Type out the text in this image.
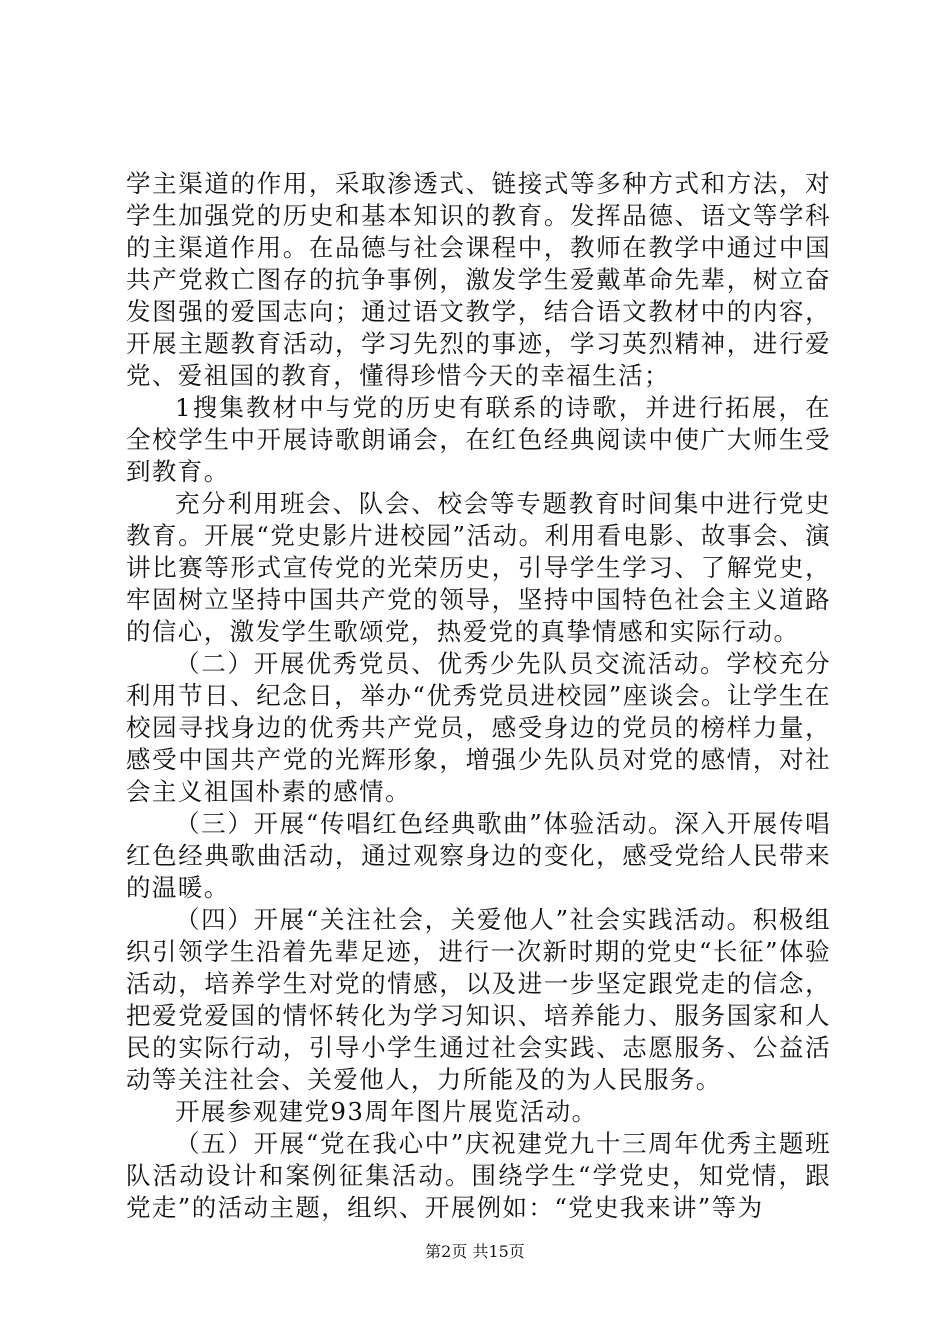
学主渠道的作用，采取渗透式、链接式等多种方式和方法，对学生加强党的历史和基本知识的教育。发挥品德、语文等学科的主渠道作用。在品德与社会课程中，教师在教学中通过中国共产党救亡图存的抗争事例，激发学生爱戴革命先辈，树立奋发图强的爱国志向；通过语文教学，结合语文教材中的内容，开展主题教育活动，学习先烈的事迹，学习英烈精神，进行爱党、爱祖国的教育，懂得珍惜今天的幸福生活；

1搜集教材中与党的历史有联系的诗歌，并进行拓展，在全校学生中开展诗歌朗诵会，在红色经典阅读中使广大师生受到教育。

充分利用班会、队会、校会等专题教育时间集中进行党史教育。开展“党史影片进校园”活动。利用看电影、故事会、演讲比赛等形式宣传党的光荣历史，引导学生学习、了解党史，牢固树立坚持中国共产党的领导，坚持中国特色社会主义道路的信心，激发学生歌颂党，热爱党的真挚情感和实际行动。

（二）开展优秀党员、优秀少先队员交流活动。学校充分利用节日、纪念日，举办“优秀党员进校园”座谈会。让学生在校园寻找身边的优秀共产党员，感受身边的党员的榜样力量，感受中国共产党的光辉形象，增强少先队员对党的感情，对社会主义祖国朴素的感情。

（三）开展“传唱红色经典歌曲”体验活动。深入开展传唱红色经典歌曲活动，通过观察身边的变化，感受党给人民带来的温暖。

（四）开展“关注社会，关爱他人”社会实践活动。积极组织引领学生沿着先辈足迹，进行一次新时期的党史“长征”体验活动，培养学生对党的情感，以及进一步坚定跟党走的信念，把爱党爱国的情怀转化为学习知识、培养能力、服务国家和人民的实际行动，引导小学生通过社会实践、志愿服务、公益活动等关注社会、关爱他人，力所能及的为人民服务。

开展参观建党93周年图片展览活动。

（五）开展“党在我心中”庆祝建党九十三周年优秀主题班队活动设计和案例征集活动。围绕学生“学党史，知党情，跟党走”的活动主题，组织、开展例如：“党史我来讲”等为

第2页 共15页
